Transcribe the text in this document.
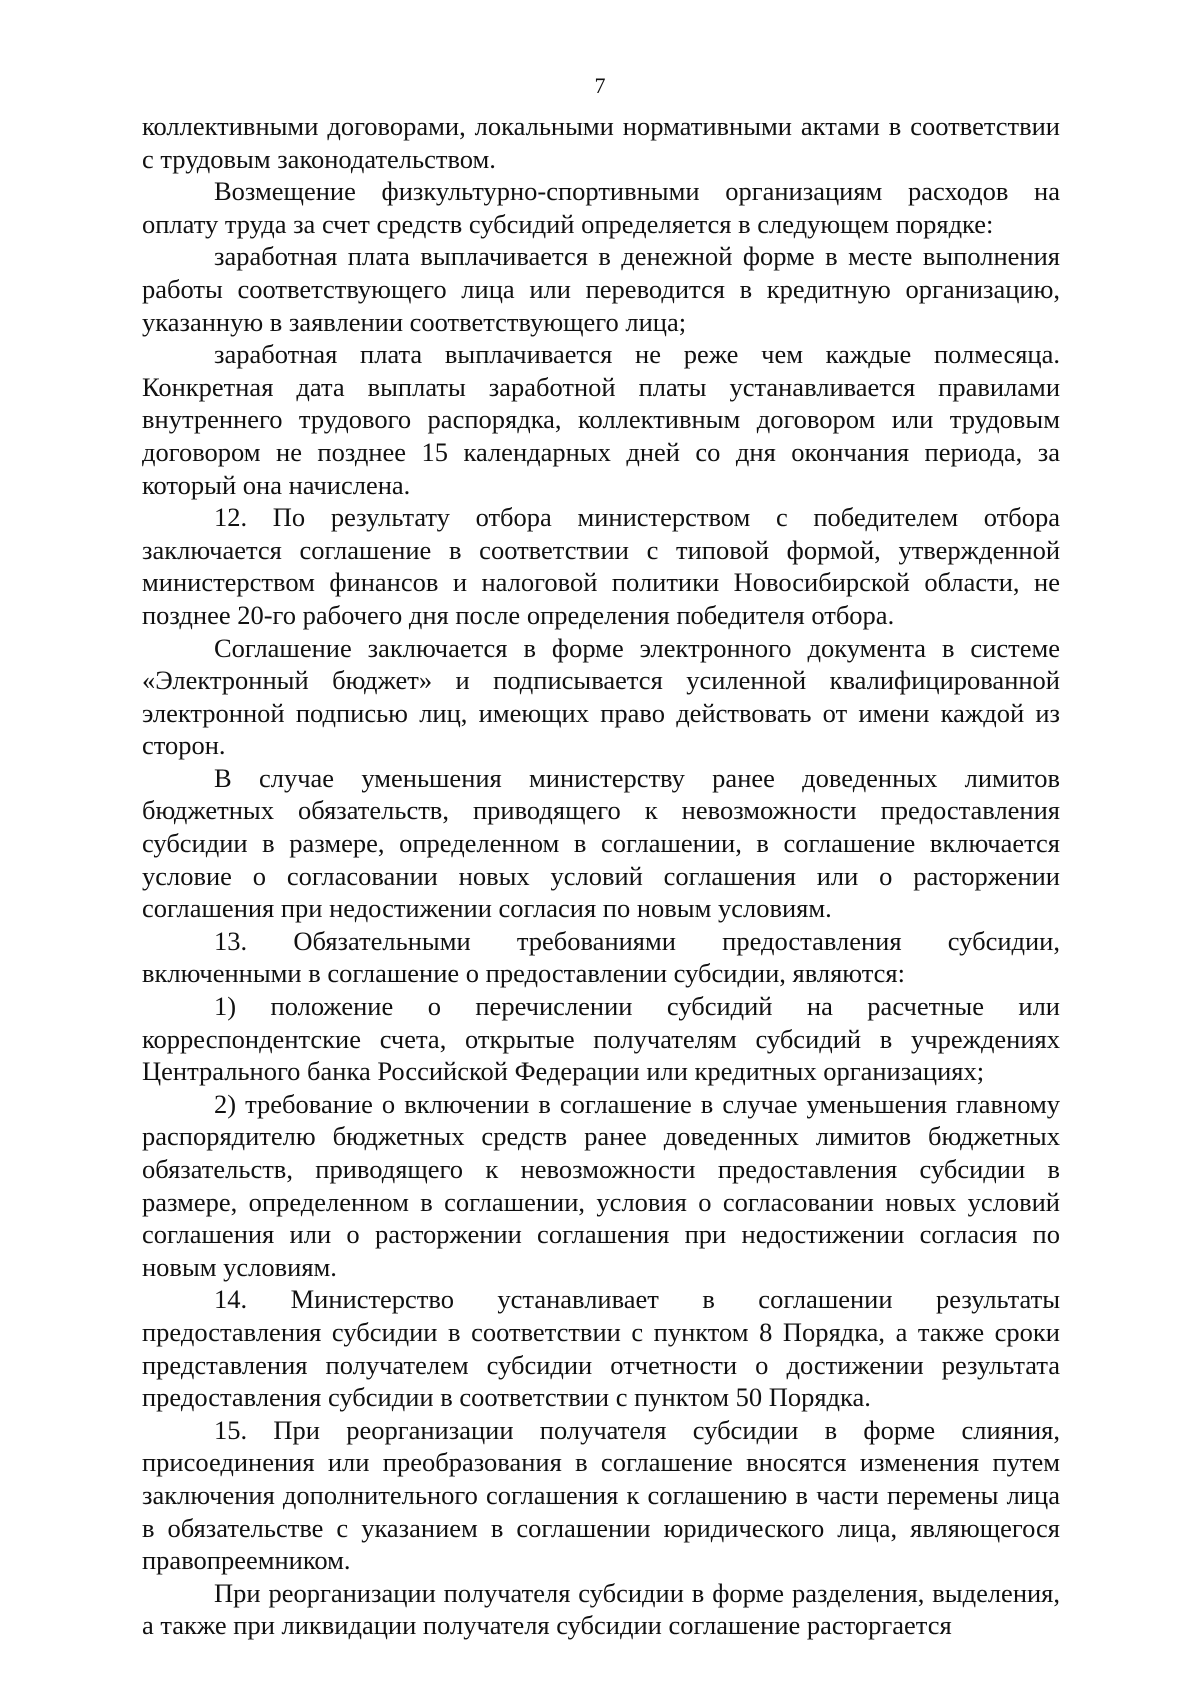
7

коллективными договорами, локальными нормативными актами в соответствии с трудовым законодательством.

Возмещение физкультурно-спортивными организациям расходов на оплату труда за счет средств субсидий определяется в следующем порядке:

заработная плата выплачивается в денежной форме в месте выполнения работы соответствующего лица или переводится в кредитную организацию, указанную в заявлении соответствующего лица;

заработная плата выплачивается не реже чем каждые полмесяца. Конкретная дата выплаты заработной платы устанавливается правилами внутреннего трудового распорядка, коллективным договором или трудовым договором не позднее 15 календарных дней со дня окончания периода, за который она начислена.

12. По результату отбора министерством с победителем отбора заключается соглашение в соответствии с типовой формой, утвержденной министерством финансов и налоговой политики Новосибирской области, не позднее 20-го рабочего дня после определения победителя отбора.

Соглашение заключается в форме электронного документа в системе «Электронный бюджет» и подписывается усиленной квалифицированной электронной подписью лиц, имеющих право действовать от имени каждой из сторон.

В случае уменьшения министерству ранее доведенных лимитов бюджетных обязательств, приводящего к невозможности предоставления субсидии в размере, определенном в соглашении, в соглашение включается условие о согласовании новых условий соглашения или о расторжении соглашения при недостижении согласия по новым условиям.

13. Обязательными требованиями предоставления субсидии, включенными в соглашение о предоставлении субсидии, являются:

1) положение о перечислении субсидий на расчетные или корреспондентские счета, открытые получателям субсидий в учреждениях Центрального банка Российской Федерации или кредитных организациях;

2) требование о включении в соглашение в случае уменьшения главному распорядителю бюджетных средств ранее доведенных лимитов бюджетных обязательств, приводящего к невозможности предоставления субсидии в размере, определенном в соглашении, условия о согласовании новых условий соглашения или о расторжении соглашения при недостижении согласия по новым условиям.

14. Министерство устанавливает в соглашении результаты предоставления субсидии в соответствии с пунктом 8 Порядка, а также сроки представления получателем субсидии отчетности о достижении результата предоставления субсидии в соответствии с пунктом 50 Порядка.

15. При реорганизации получателя субсидии в форме слияния, присоединения или преобразования в соглашение вносятся изменения путем заключения дополнительного соглашения к соглашению в части перемены лица в обязательстве с указанием в соглашении юридического лица, являющегося правопреемником.

При реорганизации получателя субсидии в форме разделения, выделения, а также при ликвидации получателя субсидии соглашение расторгается
